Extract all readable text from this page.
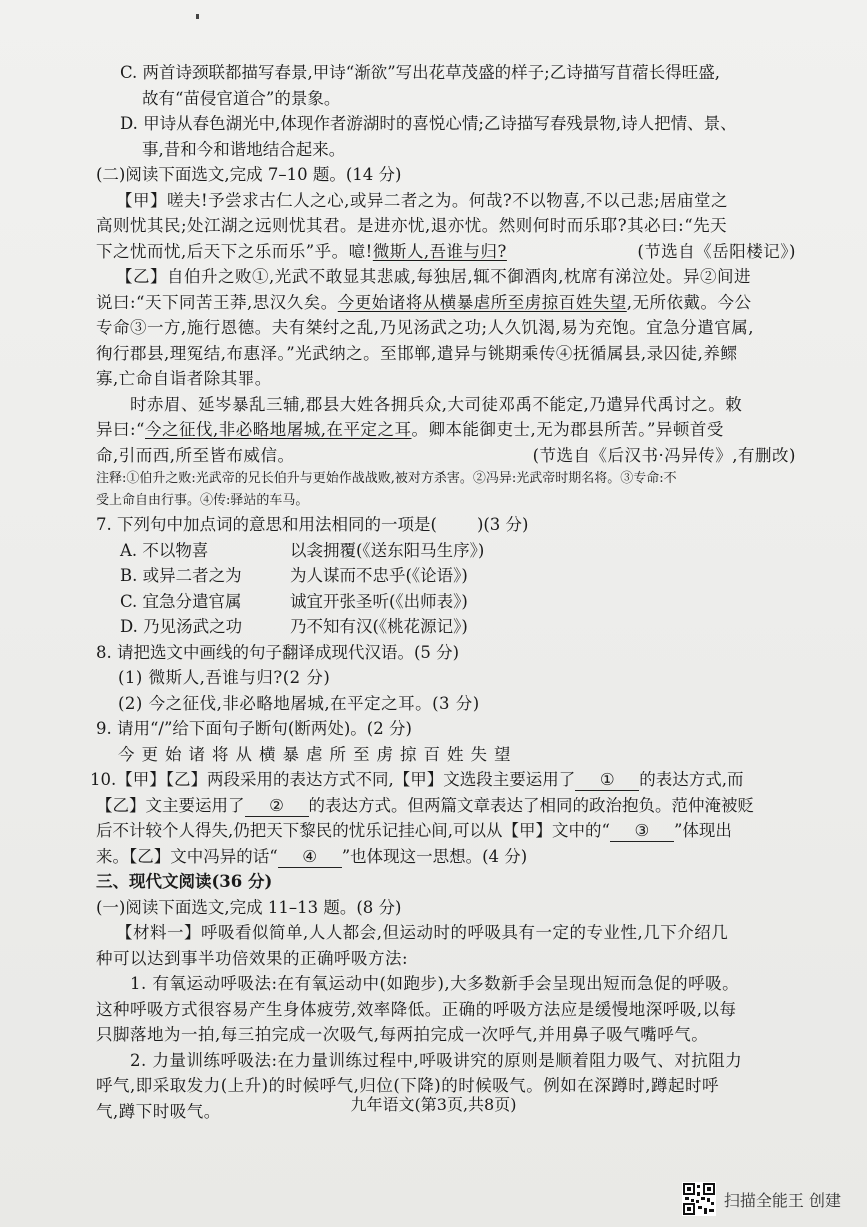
C. 两首诗颈联都描写春景,甲诗“渐欲”写出花草茂盛的样子;乙诗描写苜蓿长得旺盛,
故有“苗侵官道合”的景象。
D. 甲诗从春色湖光中,体现作者游湖时的喜悦心情;乙诗描写春残景物,诗人把情、景、
事,昔和今和谐地结合起来。
(二)阅读下面选文,完成 7–10 题。(14 分)
【甲】嗟夫!予尝求古仁人之心,或异二者之为。何哉?不以物喜,不以己悲;居庙堂之
高则忧其民;处江湖之远则忧其君。是进亦忧,退亦忧。然则何时而乐耶?其必曰:“先天
下之忧而忧,后天下之乐而乐”乎。噫!微斯人,吾谁与归?	(节选自《岳阳楼记》)
【乙】自伯升之败①,光武不敢显其悲戚,每独居,辄不御酒肉,枕席有涕泣处。异②间进
说曰:“天下同苦王莽,思汉久矣。今更始诸将从横暴虐所至虏掠百姓失望,无所依戴。今公
专命③一方,施行恩德。夫有桀纣之乱,乃见汤武之功;人久饥渴,易为充饱。宜急分遣官属,
徇行郡县,理冤结,布惠泽。”光武纳之。至邯郸,遣异与铫期乘传④抚循属县,录囚徒,养鳏
寡,亡命自诣者除其罪。
时赤眉、延岑暴乱三辅,郡县大姓各拥兵众,大司徒邓禹不能定,乃遣异代禹讨之。敕
异曰:“今之征伐,非必略地屠城,在平定之耳。卿本能御吏士,无为郡县所苦。”异顿首受
命,引而西,所至皆布威信。	(节选自《后汉书·冯异传》,有删改)
注释:①伯升之败:光武帝的兄长伯升与更始作战战败,被对方杀害。②冯异:光武帝时期名将。③专命:不
受上命自由行事。④传:驿站的车马。
7. 下列句中加点词的意思和用法相同的一项是( )(3 分)
A. 不以物喜	以衾拥覆(《送东阳马生序》)
B. 或异二者之为	为人谋而不忠乎(《论语》)
C. 宜急分遣官属	诚宜开张圣听(《出师表》)
D. 乃见汤武之功	乃不知有汉(《桃花源记》)
8. 请把选文中画线的句子翻译成现代汉语。(5 分)
(1) 微斯人,吾谁与归?(2 分)
(2) 今之征伐,非必略地屠城,在平定之耳。(3 分)
9. 请用“/”给下面句子断句(断两处)。(2 分)
今更始诸将从横暴虐所至虏掠百姓失望
10.【甲】【乙】两段采用的表达方式不同,【甲】文选段主要运用了 ① 的表达方式,而
【乙】文主要运用了 ② 的表达方式。但两篇文章表达了相同的政治抱负。范仲淹被贬
后不计较个人得失,仍把天下黎民的忧乐记挂心间,可以从【甲】文中的“ ③ ”体现出
来。【乙】文中冯异的话“ ④ ”也体现这一思想。(4 分)
三、现代文阅读(36 分)
(一)阅读下面选文,完成 11–13 题。(8 分)
【材料一】呼吸看似简单,人人都会,但运动时的呼吸具有一定的专业性,几下介绍几
种可以达到事半功倍效果的正确呼吸方法:
1. 有氧运动呼吸法:在有氧运动中(如跑步),大多数新手会呈现出短而急促的呼吸。
这种呼吸方式很容易产生身体疲劳,效率降低。正确的呼吸方法应是缓慢地深呼吸,以每
只脚落地为一拍,每三拍完成一次吸气,每两拍完成一次呼气,并用鼻子吸气嘴呼气。
2. 力量训练呼吸法:在力量训练过程中,呼吸讲究的原则是顺着阻力吸气、对抗阻力
呼气,即采取发力(上升)的时候呼气,归位(下降)的时候吸气。例如在深蹲时,蹲起时呼
气,蹲下时吸气。	九年语文(第3页,共8页)
扫描全能王 创建
